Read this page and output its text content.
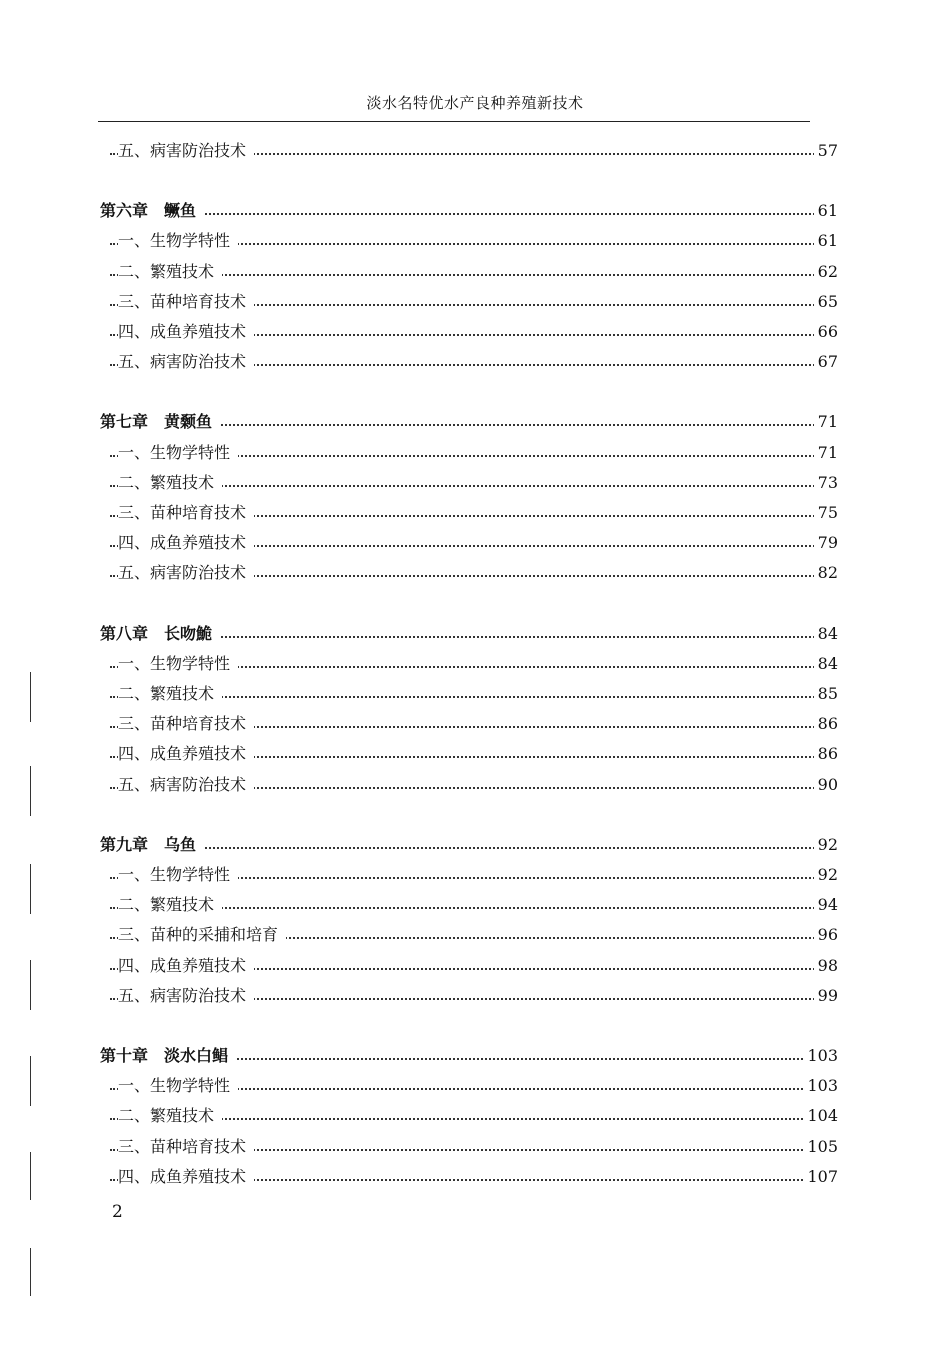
淡水名特优水产良种养殖新技术
五、病害防治技术	57
第六章　鳜鱼	61
一、生物学特性	61
二、繁殖技术	62
三、苗种培育技术	65
四、成鱼养殖技术	66
五、病害防治技术	67
第七章　黄颡鱼	71
一、生物学特性	71
二、繁殖技术	73
三、苗种培育技术	75
四、成鱼养殖技术	79
五、病害防治技术	82
第八章　长吻鮠	84
一、生物学特性	84
二、繁殖技术	85
三、苗种培育技术	86
四、成鱼养殖技术	86
五、病害防治技术	90
第九章　乌鱼	92
一、生物学特性	92
二、繁殖技术	94
三、苗种的采捕和培育	96
四、成鱼养殖技术	98
五、病害防治技术	99
第十章　淡水白鲳	103
一、生物学特性	103
二、繁殖技术	104
三、苗种培育技术	105
四、成鱼养殖技术	107
2
